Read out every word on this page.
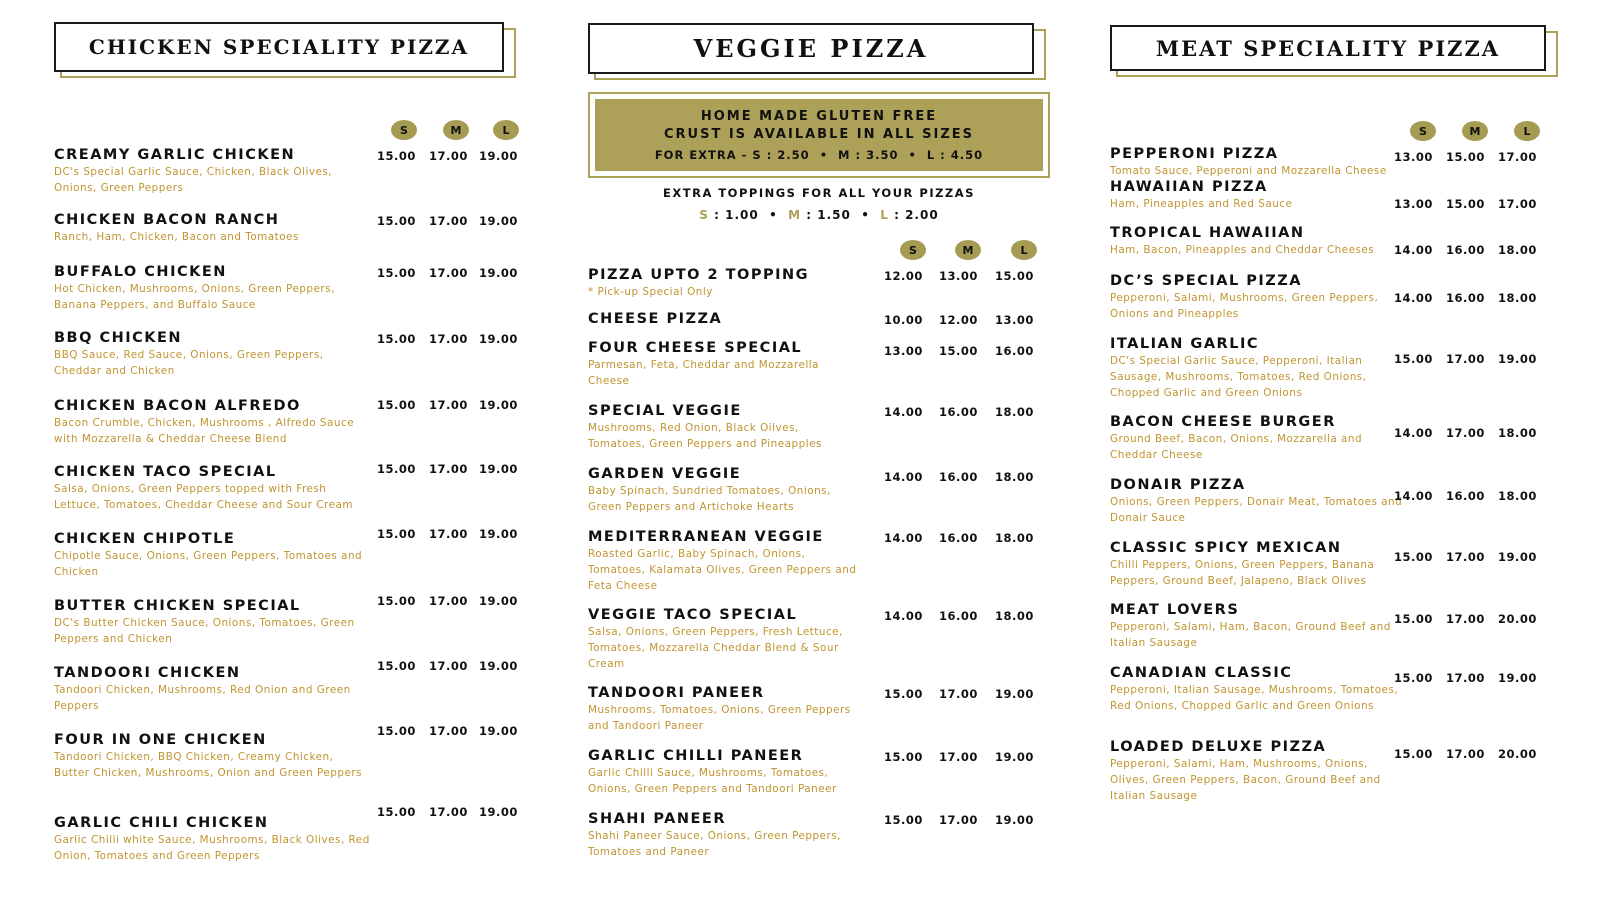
CHICKEN SPECIALITY PIZZA
S	M	L
CREAMY GARLIC CHICKEN
DC's Special Garlic Sauce, Chicken, Black Olives, Onions, Green Peppers
15.00 17.00 19.00
CHICKEN BACON RANCH
Ranch, Ham, Chicken, Bacon and Tomatoes
15.00 17.00 19.00
BUFFALO CHICKEN
Hot Chicken, Mushrooms, Onions, Green Peppers, Banana Peppers, and Buffalo Sauce
15.00 17.00 19.00
BBQ CHICKEN
BBQ Sauce, Red Sauce, Onions, Green Peppers, Cheddar and Chicken
15.00 17.00 19.00
CHICKEN BACON ALFREDO
Bacon Crumble, Chicken, Mushrooms , Alfredo Sauce with Mozzarella & Cheddar Cheese Blend
15.00 17.00 19.00
CHICKEN TACO SPECIAL
Salsa, Onions, Green Peppers topped with Fresh Lettuce, Tomatoes, Cheddar Cheese and Sour Cream
15.00 17.00 19.00
CHICKEN CHIPOTLE
Chipotle Sauce, Onions, Green Peppers, Tomatoes and Chicken
15.00 17.00 19.00
BUTTER CHICKEN SPECIAL
DC's Butter Chicken Sauce, Onions, Tomatoes, Green Peppers and Chicken
15.00 17.00 19.00
TANDOORI CHICKEN
Tandoori Chicken, Mushrooms, Red Onion and Green Peppers
15.00 17.00 19.00
FOUR IN ONE CHICKEN
Tandoori Chicken, BBQ Chicken, Creamy Chicken, Butter Chicken, Mushrooms, Onion and Green Peppers
15.00 17.00 19.00
GARLIC CHILI CHICKEN
Garlic Chilli white Sauce, Mushrooms, Black Olives, Red Onion, Tomatoes and Green Peppers
15.00 17.00 19.00
VEGGIE PIZZA
HOME MADE GLUTEN FREE
CRUST IS AVAILABLE IN ALL SIZES
FOR EXTRA - S : 2.50  •  M : 3.50  •  L : 4.50
EXTRA TOPPINGS FOR ALL YOUR PIZZAS
S : 1.00 • M : 1.50 • L : 2.00
S	M	L
PIZZA UPTO 2 TOPPING
* Pick-up Special Only
12.00 13.00 15.00
CHEESE PIZZA	10.00 12.00 13.00
FOUR CHEESE SPECIAL
Parmesan, Feta, Cheddar and Mozzarella Cheese
13.00 15.00 16.00
SPECIAL VEGGIE
Mushrooms, Red Onion, Black Oilves, Tomatoes, Green Peppers and Pineapples
14.00 16.00 18.00
GARDEN VEGGIE
Baby Spinach, Sundried Tomatoes, Onions, Green Peppers and Artichoke Hearts
14.00 16.00 18.00
MEDITERRANEAN VEGGIE
Roasted Garlic, Baby Spinach, Onions, Tomatoes, Kalamata Olives, Green Peppers and Feta Cheese
14.00 16.00 18.00
VEGGIE TACO SPECIAL
Salsa, Onions, Green Peppers, Fresh Lettuce, Tomatoes, Mozzarella Cheddar Blend & Sour Cream
14.00 16.00 18.00
TANDOORI PANEER
Mushrooms, Tomatoes, Onions, Green Peppers and Tandoori Paneer
15.00 17.00 19.00
GARLIC CHILLI PANEER
Garlic Chilli Sauce, Mushrooms, Tomatoes, Onions, Green Peppers and Tandoori Paneer
15.00 17.00 19.00
SHAHI PANEER
Shahi Paneer Sauce, Onions, Green Peppers, Tomatoes and Paneer
15.00 17.00 19.00
MEAT SPECIALITY PIZZA
S	M	L
PEPPERONI PIZZA
Tomato Sauce, Pepperoni and Mozzarella Cheese
13.00 15.00 17.00
HAWAIIAN PIZZA
Ham, Pineapples and Red Sauce	13.00 15.00 17.00
TROPICAL HAWAIIAN
Ham, Bacon, Pineapples and Cheddar Cheeses	14.00 16.00 18.00
DC’S SPECIAL PIZZA
Pepperoni, Salami, Mushrooms, Green Peppers, Onions and Pineapples
14.00 16.00 18.00
ITALIAN GARLIC
DC's Special Garlic Sauce, Pepperoni, Italian Sausage, Mushrooms, Tomatoes, Red Onions, Chopped Garlic and Green Onions
15.00 17.00 19.00
BACON CHEESE BURGER
Ground Beef, Bacon, Onions, Mozzarella and Cheddar Cheese
14.00 17.00 18.00
DONAIR PIZZA
Onions, Green Peppers, Donair Meat, Tomatoes and Donair Sauce
14.00 16.00 18.00
CLASSIC SPICY MEXICAN
Chilli Peppers, Onions, Green Peppers, Banana Peppers, Ground Beef, Jalapeno, Black Olives
15.00 17.00 19.00
MEAT LOVERS
Pepperoni, Salami, Ham, Bacon, Ground Beef and Italian Sausage
15.00 17.00 20.00
CANADIAN CLASSIC
Pepperoni, Italian Sausage, Mushrooms, Tomatoes, Red Onions, Chopped Garlic and Green Onions
15.00 17.00 19.00
LOADED DELUXE PIZZA
Pepperoni, Salami, Ham, Mushrooms, Onions, Olives, Green Peppers, Bacon, Ground Beef and Italian Sausage
15.00 17.00 20.00
